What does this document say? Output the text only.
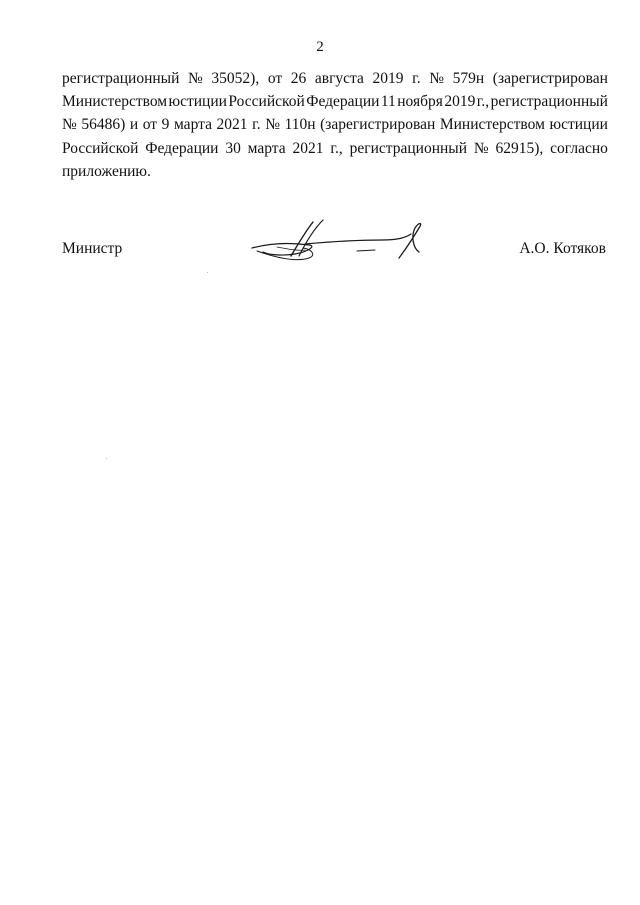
2
регистрационный № 35052), от 26 августа 2019 г. № 579н (зарегистрирован
Министерством юстиции Российской Федерации 11 ноября 2019 г., регистрационный
№ 56486) и от 9 марта 2021 г. № 110н (зарегистрирован Министерством юстиции
Российской Федерации 30 марта 2021 г., регистрационный № 62915), согласно
приложению.
Министр	А.О. Котяков
